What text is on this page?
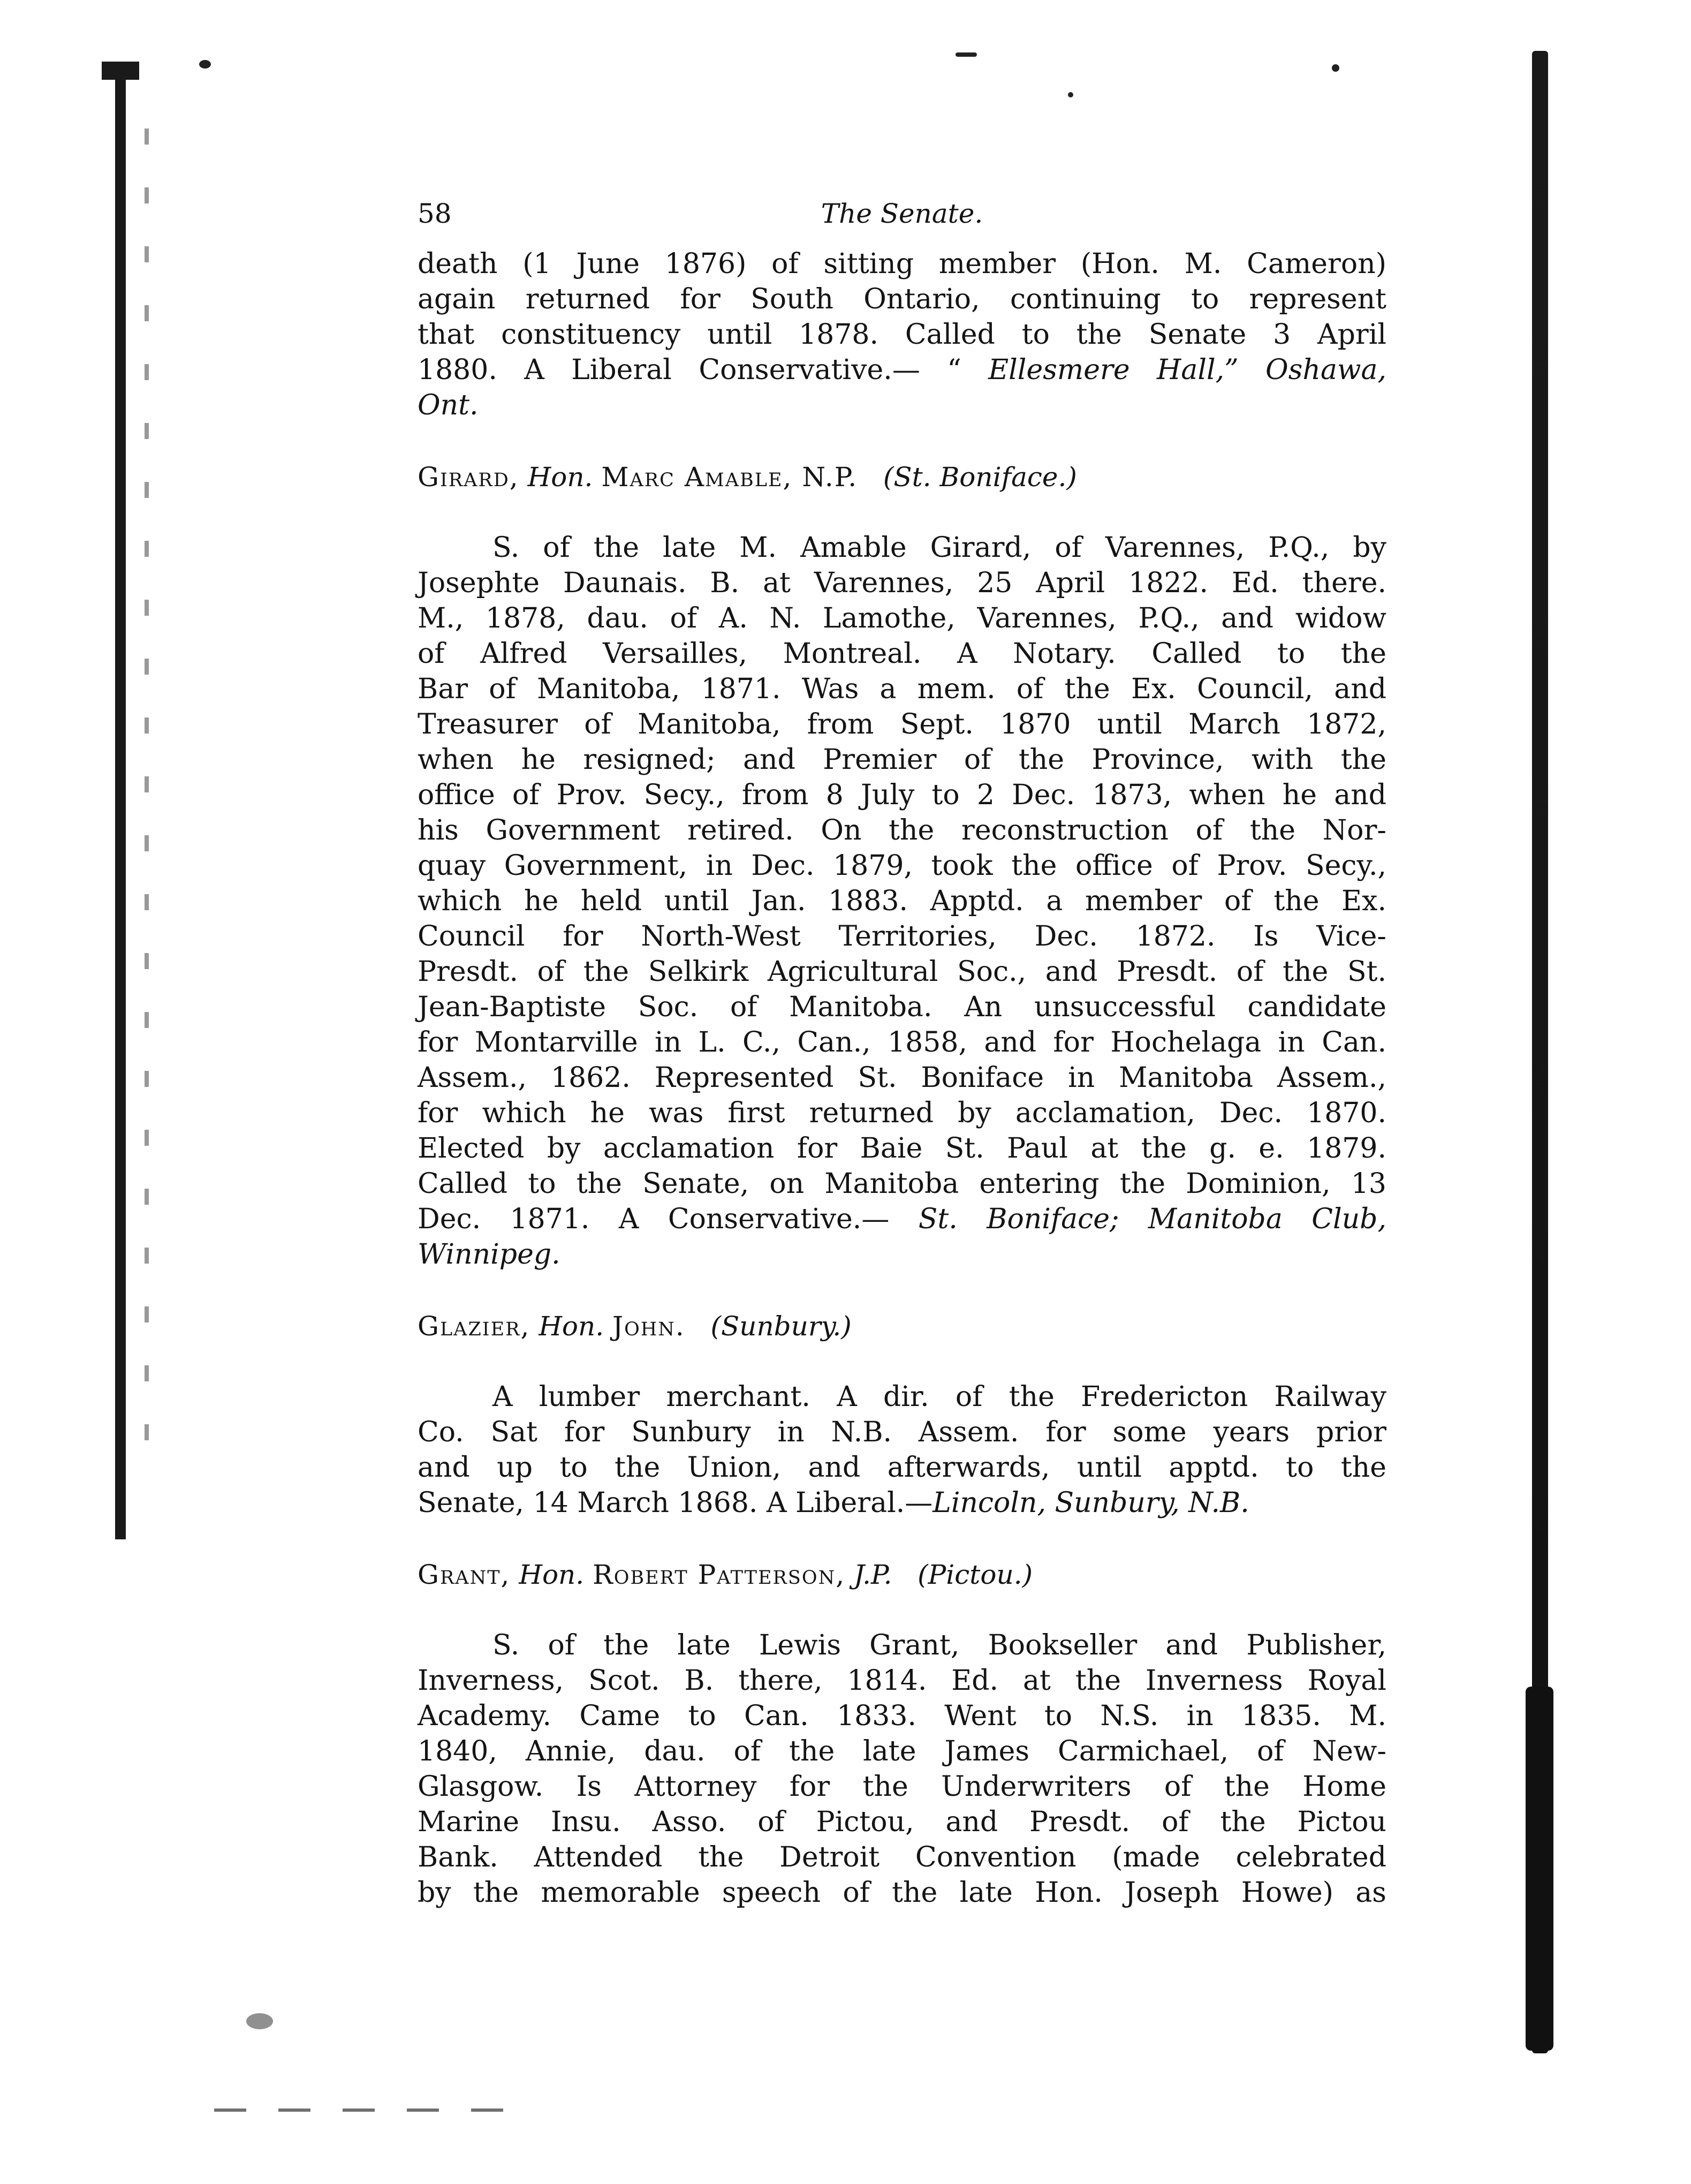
58	The Senate.
death (1 June 1876) of sitting member (Hon. M. Cameron)
again returned for South Ontario, continuing to represent
that constituency until 1878. Called to the Senate 3 April
1880. A Liberal Conservative.— “ Ellesmere Hall,” Oshawa,
Ont.
Girard, Hon. Marc Amable, N.P. (St. Boniface.)
S. of the late M. Amable Girard, of Varennes, P.Q., by
Josephte Daunais. B. at Varennes, 25 April 1822. Ed. there.
M., 1878, dau. of A. N. Lamothe, Varennes, P.Q., and widow
of Alfred Versailles, Montreal. A Notary. Called to the
Bar of Manitoba, 1871. Was a mem. of the Ex. Council, and
Treasurer of Manitoba, from Sept. 1870 until March 1872,
when he resigned; and Premier of the Province, with the
office of Prov. Secy., from 8 July to 2 Dec. 1873, when he and
his Government retired. On the reconstruction of the Nor-
quay Government, in Dec. 1879, took the office of Prov. Secy.,
which he held until Jan. 1883. Apptd. a member of the Ex.
Council for North-West Territories, Dec. 1872. Is Vice-
Presdt. of the Selkirk Agricultural Soc., and Presdt. of the St.
Jean-Baptiste Soc. of Manitoba. An unsuccessful candidate
for Montarville in L. C., Can., 1858, and for Hochelaga in Can.
Assem., 1862. Represented St. Boniface in Manitoba Assem.,
for which he was first returned by acclamation, Dec. 1870.
Elected by acclamation for Baie St. Paul at the g. e. 1879.
Called to the Senate, on Manitoba entering the Dominion, 13
Dec. 1871. A Conservative.— St. Boniface; Manitoba Club,
Winnipeg.
Glazier, Hon. John. (Sunbury.)
A lumber merchant. A dir. of the Fredericton Railway
Co. Sat for Sunbury in N.B. Assem. for some years prior
and up to the Union, and afterwards, until apptd. to the
Senate, 14 March 1868. A Liberal.—Lincoln, Sunbury, N.B.
Grant, Hon. Robert Patterson, J.P. (Pictou.)
S. of the late Lewis Grant, Bookseller and Publisher,
Inverness, Scot. B. there, 1814. Ed. at the Inverness Royal
Academy. Came to Can. 1833. Went to N.S. in 1835. M.
1840, Annie, dau. of the late James Carmichael, of New-
Glasgow. Is Attorney for the Underwriters of the Home
Marine Insu. Asso. of Pictou, and Presdt. of the Pictou
Bank. Attended the Detroit Convention (made celebrated
by the memorable speech of the late Hon. Joseph Howe) as
